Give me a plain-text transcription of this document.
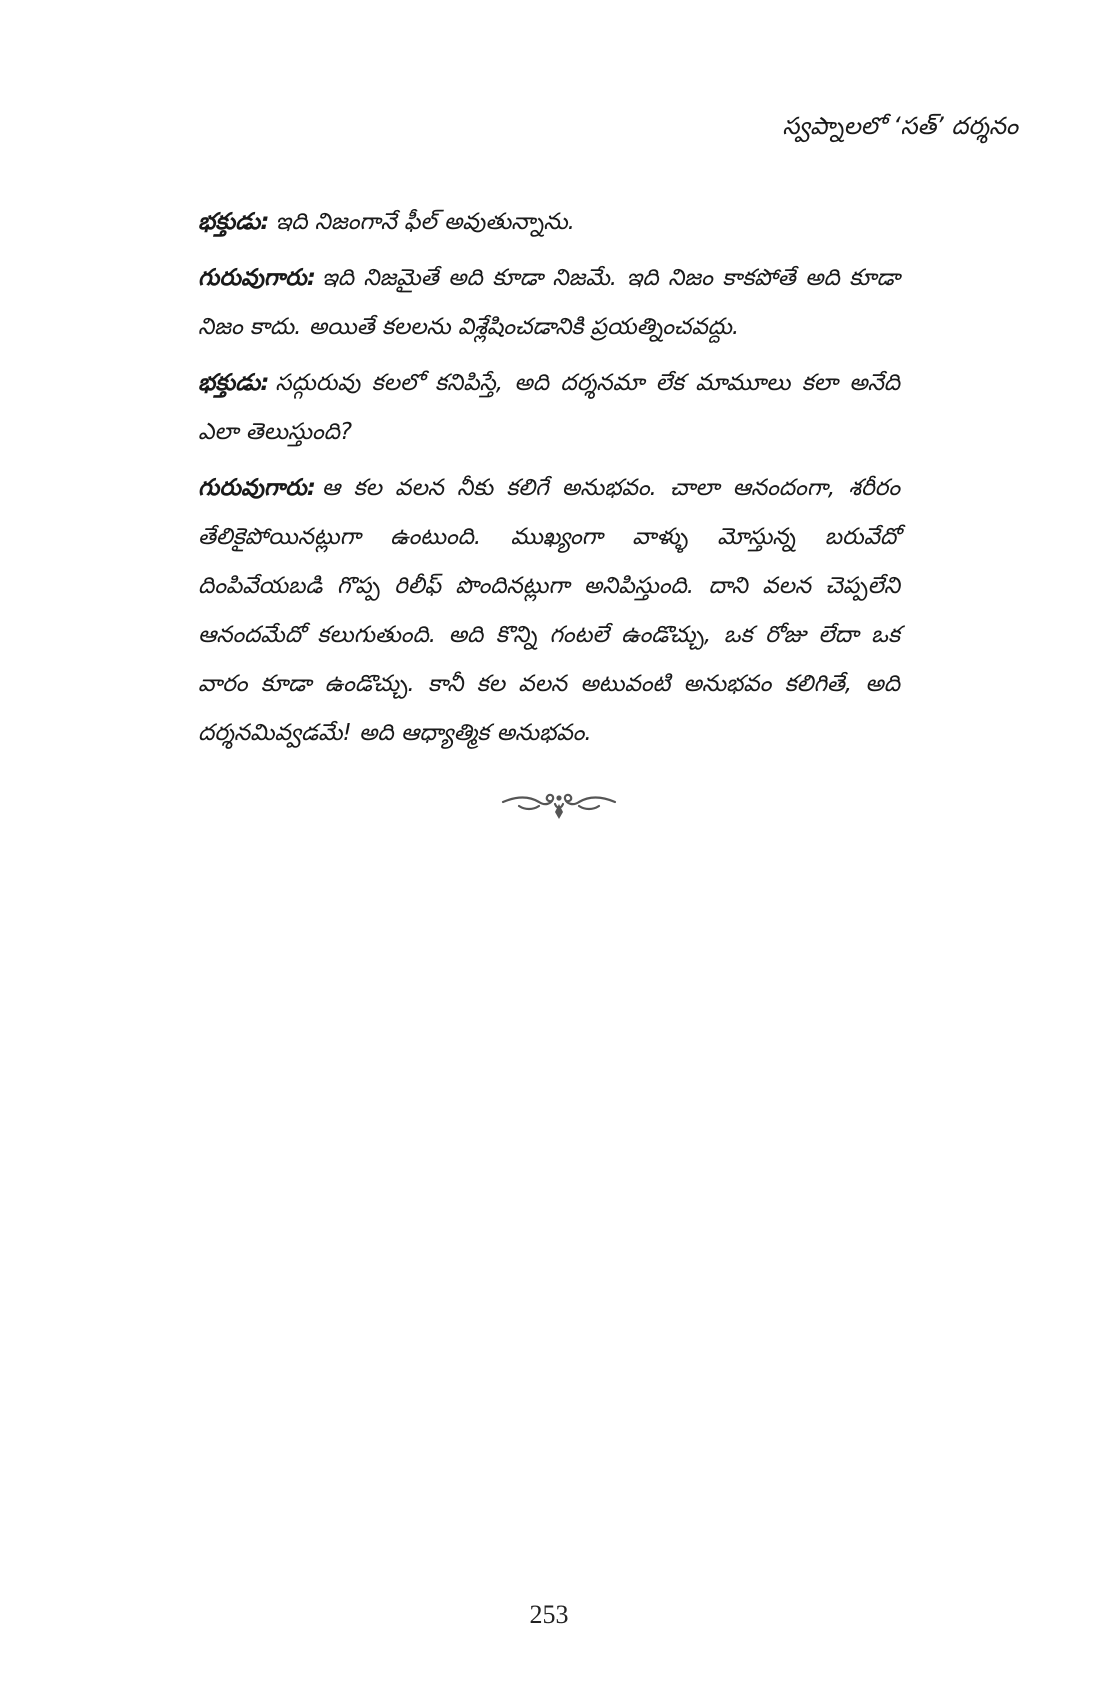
స్వప్నాలలో ‘సత్’ దర్శనం

భక్తుడు: ఇది నిజంగానే ఫీల్ అవుతున్నాను.

గురువుగారు: ఇది నిజమైతే అది కూడా నిజమే. ఇది నిజం కాకపోతే అది కూడా నిజం కాదు. అయితే కలలను విశ్లేషించడానికి ప్రయత్నించవద్దు.

భక్తుడు: సద్గురువు కలలో కనిపిస్తే, అది దర్శనమా లేక మామూలు కలా అనేది ఎలా తెలుస్తుంది?

గురువుగారు: ఆ కల వలన నీకు కలిగే అనుభవం. చాలా ఆనందంగా, శరీరం తేలికైపోయినట్లుగా ఉంటుంది. ముఖ్యంగా వాళ్ళు మోస్తున్న బరువేదో దింపివేయబడి గొప్ప రిలీఫ్ పొందినట్లుగా అనిపిస్తుంది. దాని వలన చెప్పలేని ఆనందమేదో కలుగుతుంది. అది కొన్ని గంటలే ఉండొచ్చు, ఒక రోజు లేదా ఒక వారం కూడా ఉండొచ్చు. కానీ కల వలన అటువంటి అనుభవం కలిగితే, అది దర్శనమివ్వడమే! అది ఆధ్యాత్మిక అనుభవం.

253
